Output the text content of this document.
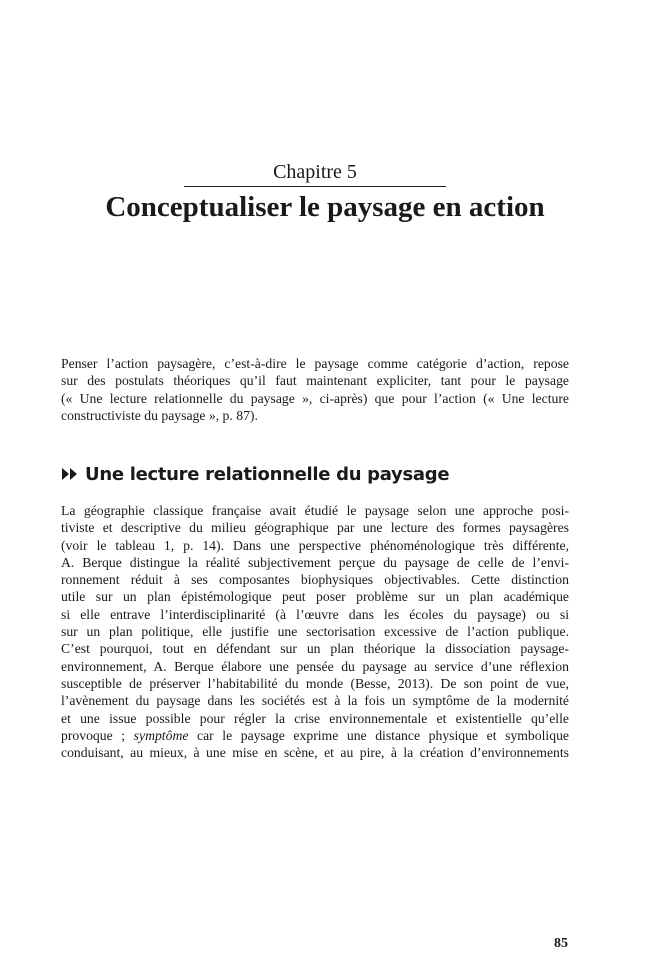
Chapitre 5
Conceptualiser le paysage en action

Penser l’action paysagère, c’est-à-dire le paysage comme catégorie d’action, repose
sur des postulats théoriques qu’il faut maintenant expliciter, tant pour le paysage
(« Une lecture relationnelle du paysage », ci-après) que pour l’action (« Une lecture
constructiviste du paysage », p. 87).

Une lecture relationnelle du paysage

La géographie classique française avait étudié le paysage selon une approche posi-
tiviste et descriptive du milieu géographique par une lecture des formes paysagères
(voir le tableau 1, p. 14). Dans une perspective phénoménologique très différente,
A. Berque distingue la réalité subjectivement perçue du paysage de celle de l’envi-
ronnement réduit à ses composantes biophysiques objectivables. Cette distinction
utile sur un plan épistémologique peut poser problème sur un plan académique
si elle entrave l’interdisciplinarité (à l’œuvre dans les écoles du paysage) ou si
sur un plan politique, elle justifie une sectorisation excessive de l’action publique.
C’est pourquoi, tout en défendant sur un plan théorique la dissociation paysage-
environnement, A. Berque élabore une pensée du paysage au service d’une réflexion
susceptible de préserver l’habitabilité du monde (Besse, 2013). De son point de vue,
l’avènement du paysage dans les sociétés est à la fois un symptôme de la modernité
et une issue possible pour régler la crise environnementale et existentielle qu’elle
provoque ; symptôme car le paysage exprime une distance physique et symbolique
conduisant, au mieux, à une mise en scène, et au pire, à la création d’environnements

85
